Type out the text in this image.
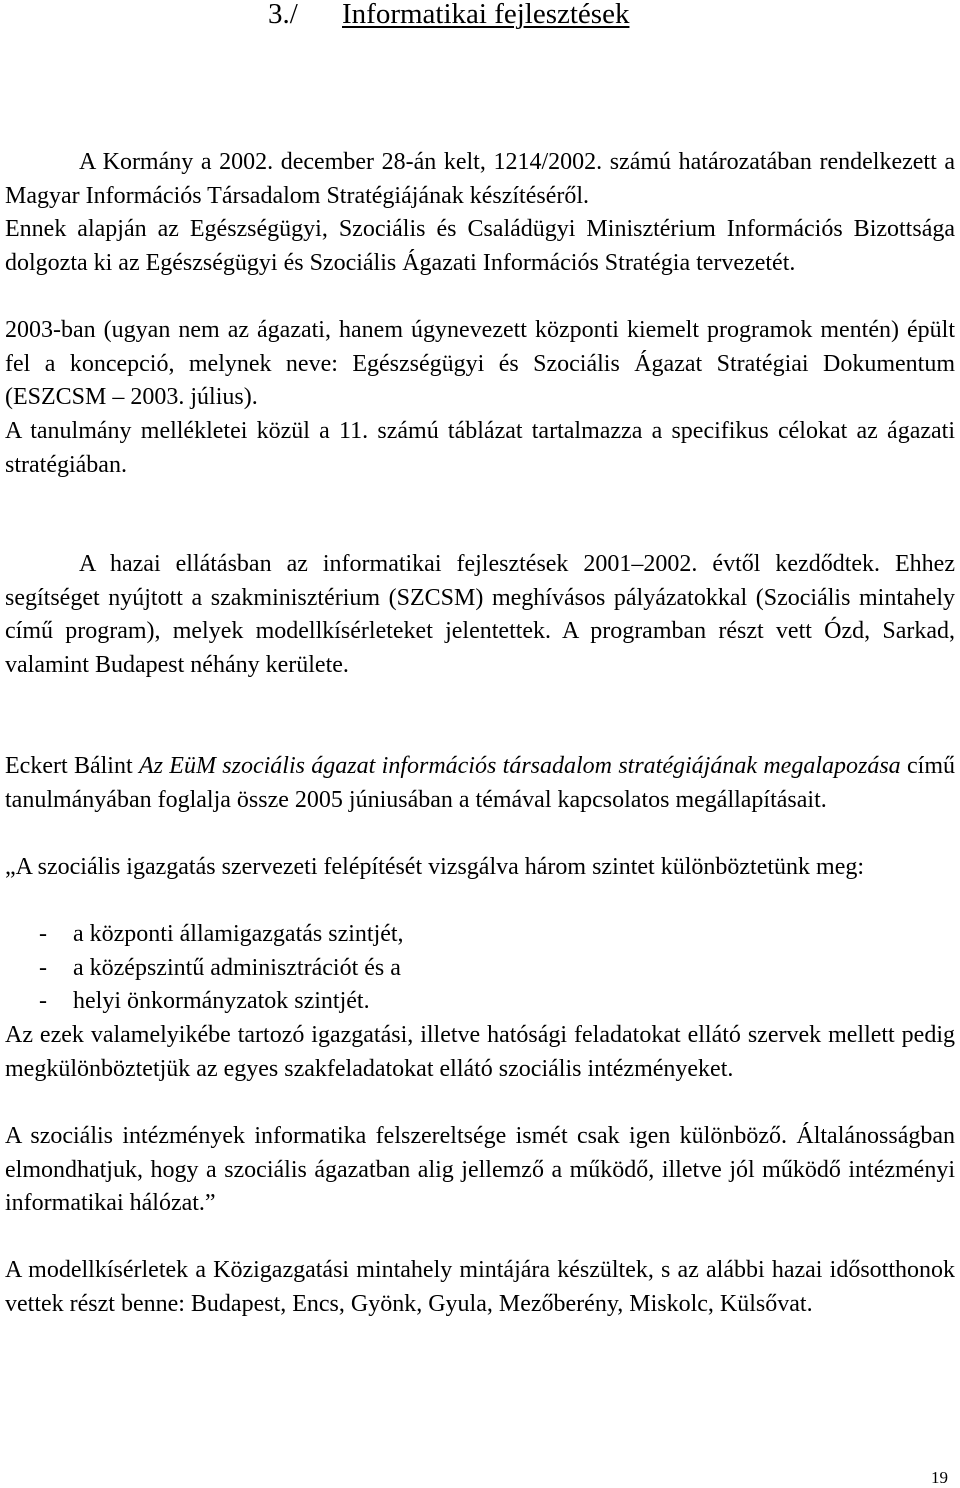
3./ Informatikai fejlesztések

A Kormány a 2002. december 28-án kelt, 1214/2002. számú határozatában rendelkezett a Magyar Információs Társadalom Stratégiájának készítéséről.

Ennek alapján az Egészségügyi, Szociális és Családügyi Minisztérium Információs Bizottsága dolgozta ki az Egészségügyi és Szociális Ágazati Információs Stratégia tervezetét.

2003-ban (ugyan nem az ágazati, hanem úgynevezett központi kiemelt programok mentén) épült fel a koncepció, melynek neve: Egészségügyi és Szociális Ágazat Stratégiai Dokumentum (ESZCSM – 2003. július).

A tanulmány mellékletei közül a 11. számú táblázat tartalmazza a specifikus célokat az ágazati stratégiában.

A hazai ellátásban az informatikai fejlesztések 2001–2002. évtől kezdődtek. Ehhez segítséget nyújtott a szakminisztérium (SZCSM) meghívásos pályázatokkal (Szociális mintahely című program), melyek modellkísérleteket jelentettek. A programban részt vett Ózd, Sarkad, valamint Budapest néhány kerülete.

Eckert Bálint Az EüM szociális ágazat információs társadalom stratégiájának megalapozása című tanulmányában foglalja össze 2005 júniusában a témával kapcsolatos megállapításait.

„A szociális igazgatás szervezeti felépítését vizsgálva három szintet különböztetünk meg:

- a központi államigazgatás szintjét,
- a középszintű adminisztrációt és a
- helyi önkormányzatok szintjét.

Az ezek valamelyikébe tartozó igazgatási, illetve hatósági feladatokat ellátó szervek mellett pedig megkülönböztetjük az egyes szakfeladatokat ellátó szociális intézményeket.

A szociális intézmények informatika felszereltsége ismét csak igen különböző. Általánosságban elmondhatjuk, hogy a szociális ágazatban alig jellemző a működő, illetve jól működő intézményi informatikai hálózat.”

A modellkísérletek a Közigazgatási mintahely mintájára készültek, s az alábbi hazai idősotthonok vettek részt benne: Budapest, Encs, Gyönk, Gyula, Mezőberény, Miskolc, Külsővat.

19
